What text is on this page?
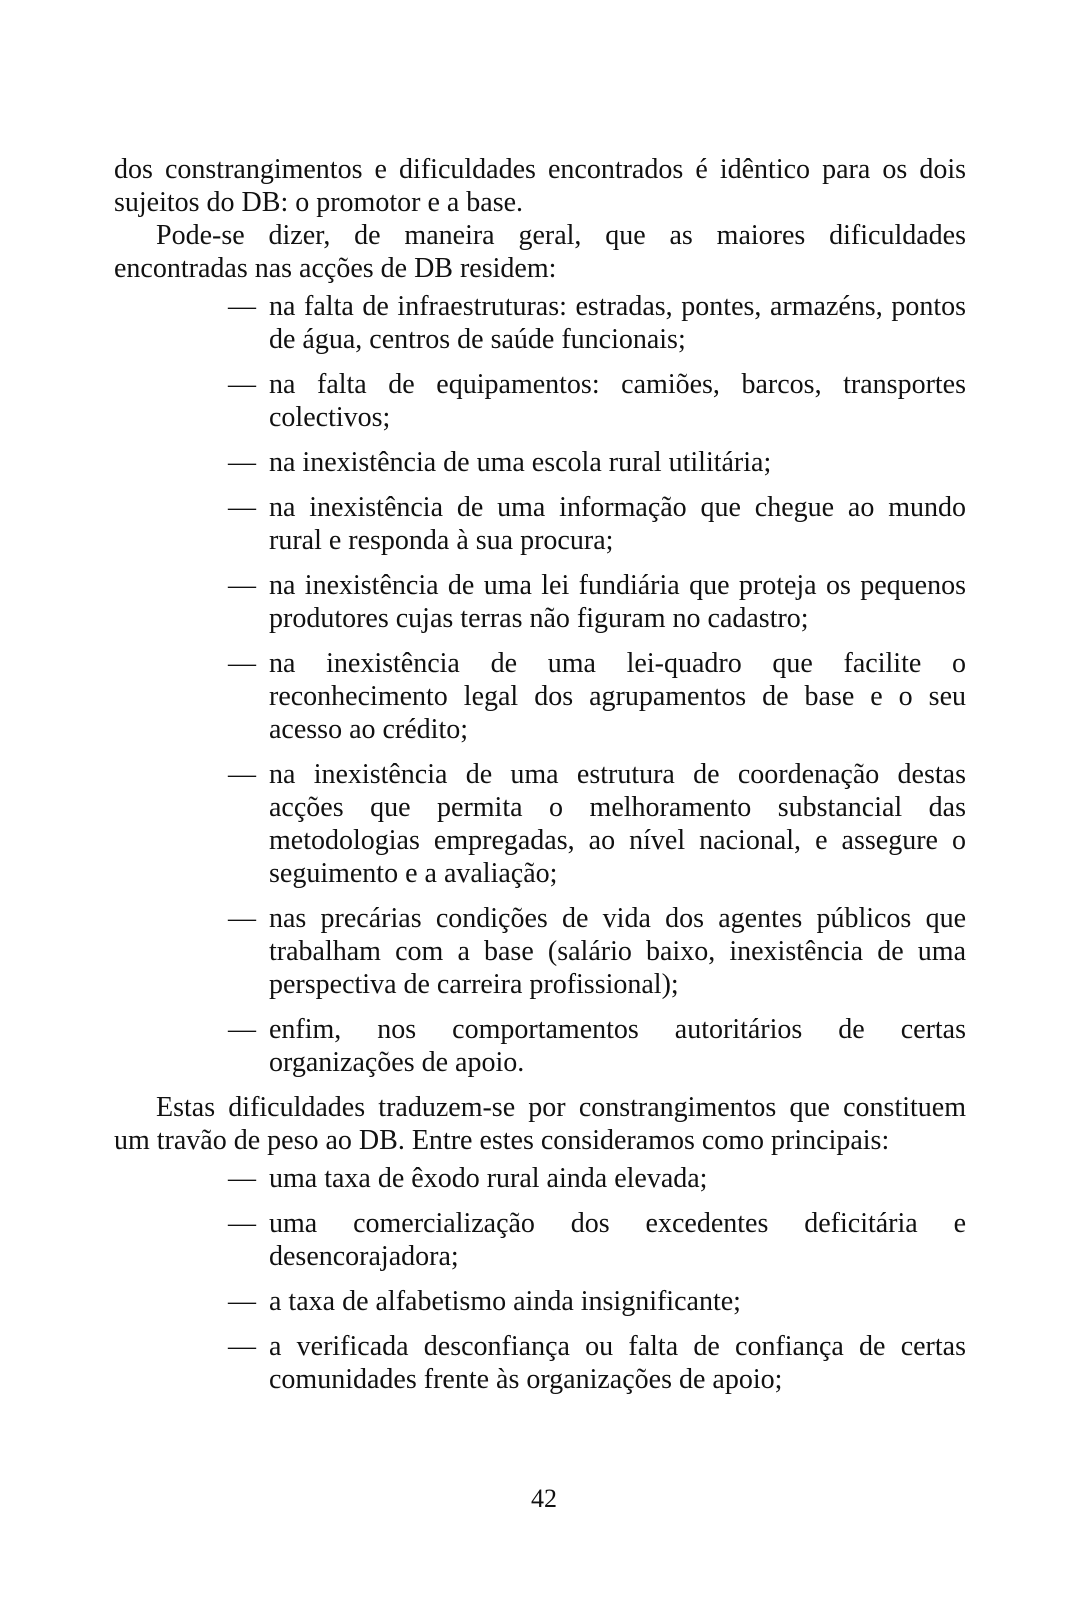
dos constrangimentos e dificuldades encontrados é idêntico para os dois sujeitos do DB: o promotor e a base.

Pode-se dizer, de maneira geral, que as maiores dificuldades encontradas nas acções de DB residem:

— na falta de infraestruturas: estradas, pontes, armazéns, pontos de água, centros de saúde funcionais;
— na falta de equipamentos: camiões, barcos, transportes colectivos;
— na inexistência de uma escola rural utilitária;
— na inexistência de uma informação que chegue ao mundo rural e responda à sua procura;
— na inexistência de uma lei fundiária que proteja os pequenos produtores cujas terras não figuram no cadastro;
— na inexistência de uma lei-quadro que facilite o reconhecimento legal dos agrupamentos de base e o seu acesso ao crédito;
— na inexistência de uma estrutura de coordenação destas acções que permita o melhoramento substancial das metodologias empregadas, ao nível nacional, e assegure o seguimento e a avaliação;
— nas precárias condições de vida dos agentes públicos que trabalham com a base (salário baixo, inexistência de uma perspectiva de carreira profissional);
— enfim, nos comportamentos autoritários de certas organizações de apoio.

Estas dificuldades traduzem-se por constrangimentos que constituem um travão de peso ao DB. Entre estes consideramos como principais:

— uma taxa de êxodo rural ainda elevada;
— uma comercialização dos excedentes deficitária e desencorajadora;
— a taxa de alfabetismo ainda insignificante;
— a verificada desconfiança ou falta de confiança de certas comunidades frente às organizações de apoio;
42
